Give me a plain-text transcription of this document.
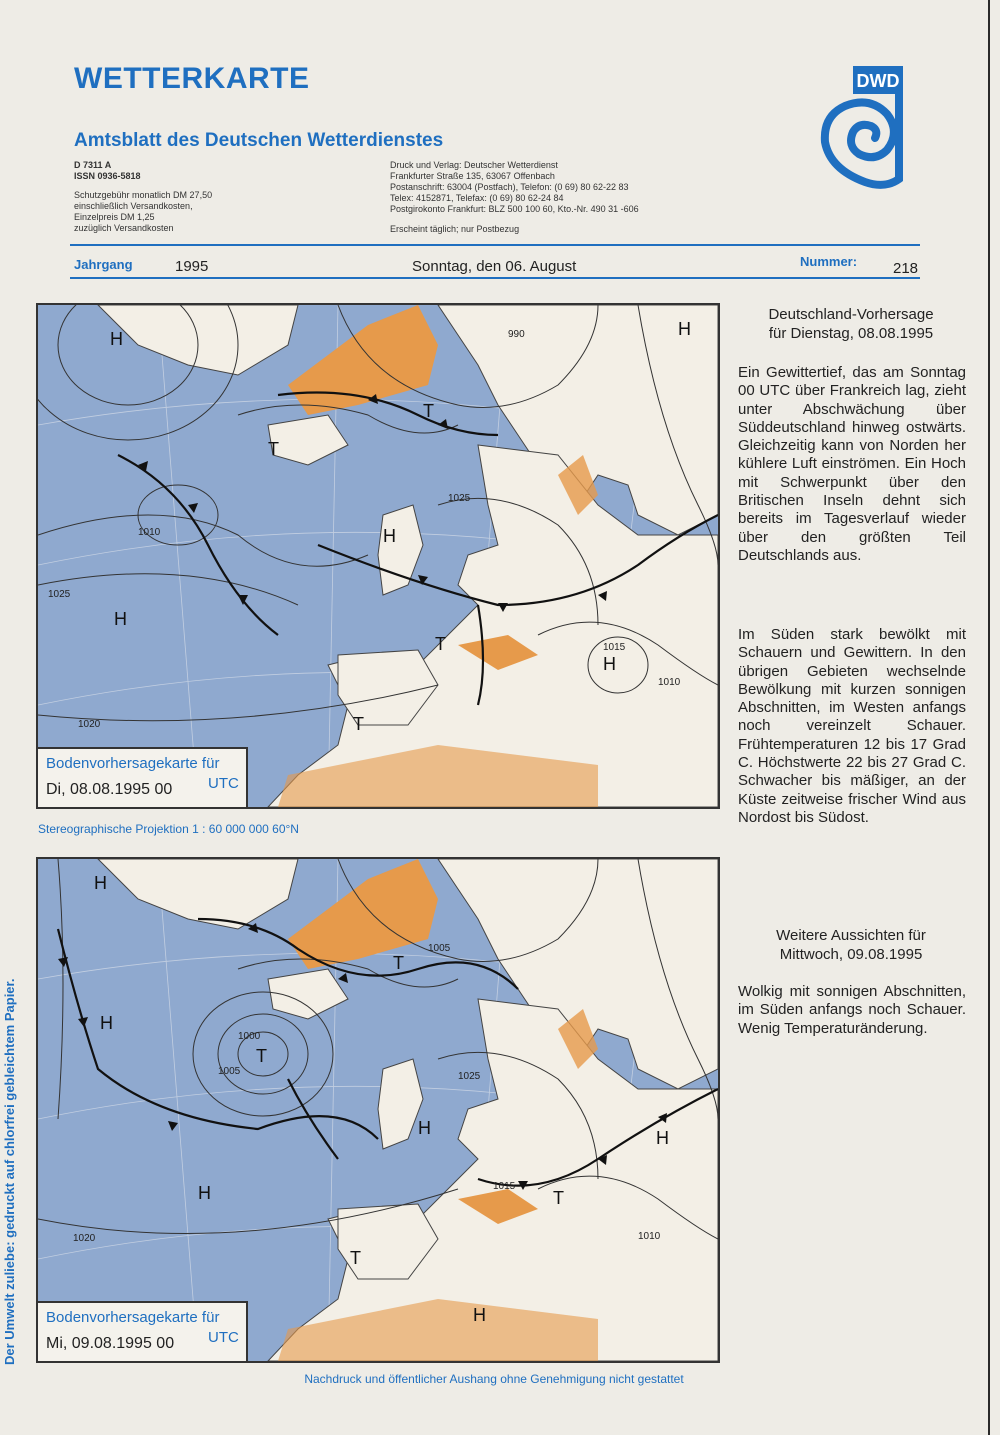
WETTERKARTE
Amtsblatt des Deutschen Wetterdienstes
D 7311 A
ISSN 0936-5818
Schutzgebühr monatlich DM 27,50
einschließlich Versandkosten,
Einzelpreis DM 1,25
zuzüglich Versandkosten
Druck und Verlag: Deutscher Wetterdienst
Frankfurter Straße 135, 63067 Offenbach
Postanschrift: 63004 (Postfach), Telefon: (0 69) 80 62-22 83
Telex: 4152871, Telefax: (0 69) 80 62-24 84
Postgirokonto Frankfurt: BLZ 500 100 60, Kto.-Nr. 490 31 -606
Erscheint täglich; nur Postbezug
DWD
Jahrgang	1995	Sonntag, den 06. August	Nummer: 218
H
H
T
T
H
H
T
T
H
1025
1020
990
1025
1015
1010
1010
Bodenvorhersagekarte für
Di, 08.08.1995 00 UTC
Stereographische Projektion 1 : 60 000 000 60°N
H
H
T
T
H
H
H
T
T
H
1020
1000
1005
1005
1025
1015
1010
Bodenvorhersagekarte für
Mi, 09.08.1995 00 UTC
Deutschland-Vorhersage
für Dienstag, 08.08.1995
Ein Gewittertief, das am Sonntag 00 UTC über Frankreich lag, zieht unter Abschwächung über Süddeutschland hinweg ostwärts. Gleichzeitig kann von Norden her kühlere Luft einströmen. Ein Hoch mit Schwerpunkt über den Britischen Inseln dehnt sich bereits im Tagesverlauf wieder über den größten Teil Deutschlands aus.
Im Süden stark bewölkt mit Schauern und Gewittern. In den übrigen Gebieten wechselnde Bewölkung mit kurzen sonnigen Abschnitten, im Westen anfangs noch vereinzelt Schauer. Frühtemperaturen 12 bis 17 Grad C. Höchstwerte 22 bis 27 Grad C. Schwacher bis mäßiger, an der Küste zeitweise frischer Wind aus Nordost bis Südost.
Weitere Aussichten für
Mittwoch, 09.08.1995
Wolkig mit sonnigen Abschnitten, im Süden anfangs noch Schauer. Wenig Temperaturänderung.
Der Umwelt zuliebe: gedruckt auf chlorfrei gebleichtem Papier.
Nachdruck und öffentlicher Aushang ohne Genehmigung nicht gestattet
